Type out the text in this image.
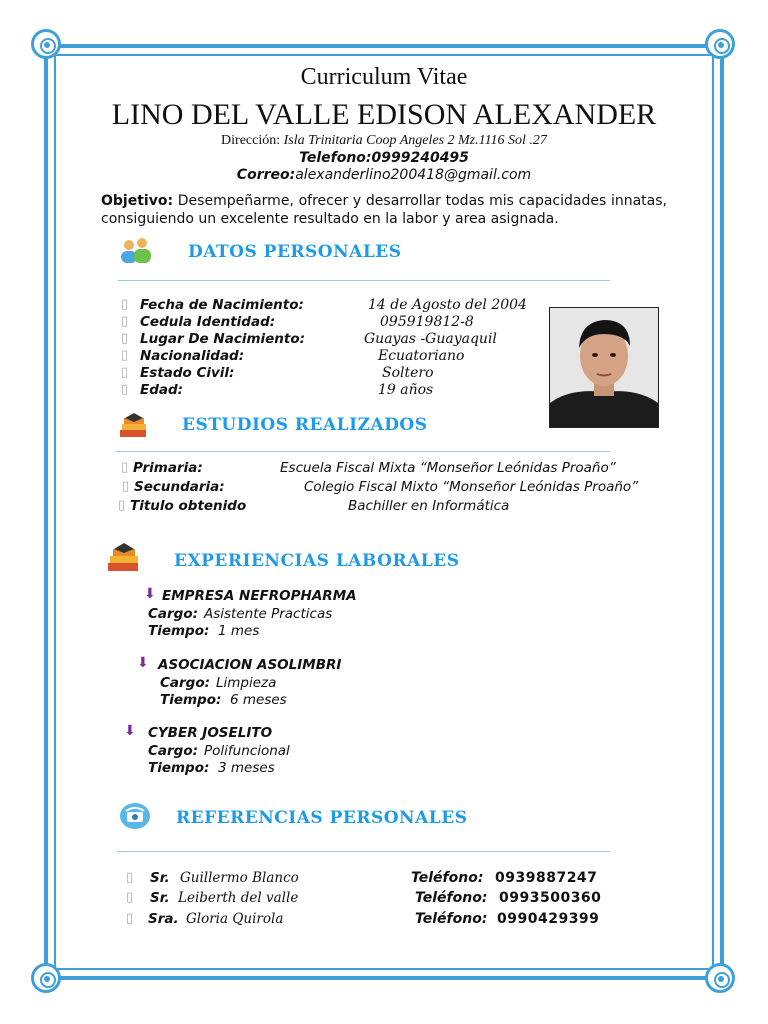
Curriculum Vitae
LINO DEL VALLE EDISON ALEXANDER
Dirección: Isla Trinitaria Coop Angeles 2 Mz.1116 Sol .27
Telefono:0999240495
Correo:alexanderlino200418@gmail.com
Objetivo: Desempeñarme, ofrecer y desarrollar todas mis capacidades innatas, consiguiendo un excelente resultado en la labor y area asignada.
DATOS PERSONALES
▯ Fecha de Nacimiento:	14 de Agosto del 2004
▯ Cedula Identidad:	095919812-8
▯ Lugar De Nacimiento:	Guayas -Guayaquil
▯ Nacionalidad:	Ecuatoriano
▯ Estado Civil:	Soltero
▯ Edad:	19 años
ESTUDIOS REALIZADOS
▯ Primaria:	Escuela Fiscal Mixta “Monseñor Leónidas Proaño”
▯ Secundaria:	Colegio Fiscal Mixto “Monseñor Leónidas Proaño”
▯ Titulo obtenido	Bachiller en Informática
EXPERIENCIAS LABORALES
⬇ EMPRESA NEFROPHARMA
Cargo: Asistente Practicas
Tiempo: 1 mes
⬇ ASOCIACION ASOLIMBRI
Cargo: Limpieza
Tiempo: 6 meses
⬇ CYBER JOSELITO
Cargo: Polifuncional
Tiempo: 3 meses
REFERENCIAS PERSONALES
▯ Sr. Guillermo Blanco	Teléfono: 0939887247
▯ Sr. Leiberth del valle	Teléfono: 0993500360
▯ Sra. Gloria Quirola	Teléfono: 0990429399
